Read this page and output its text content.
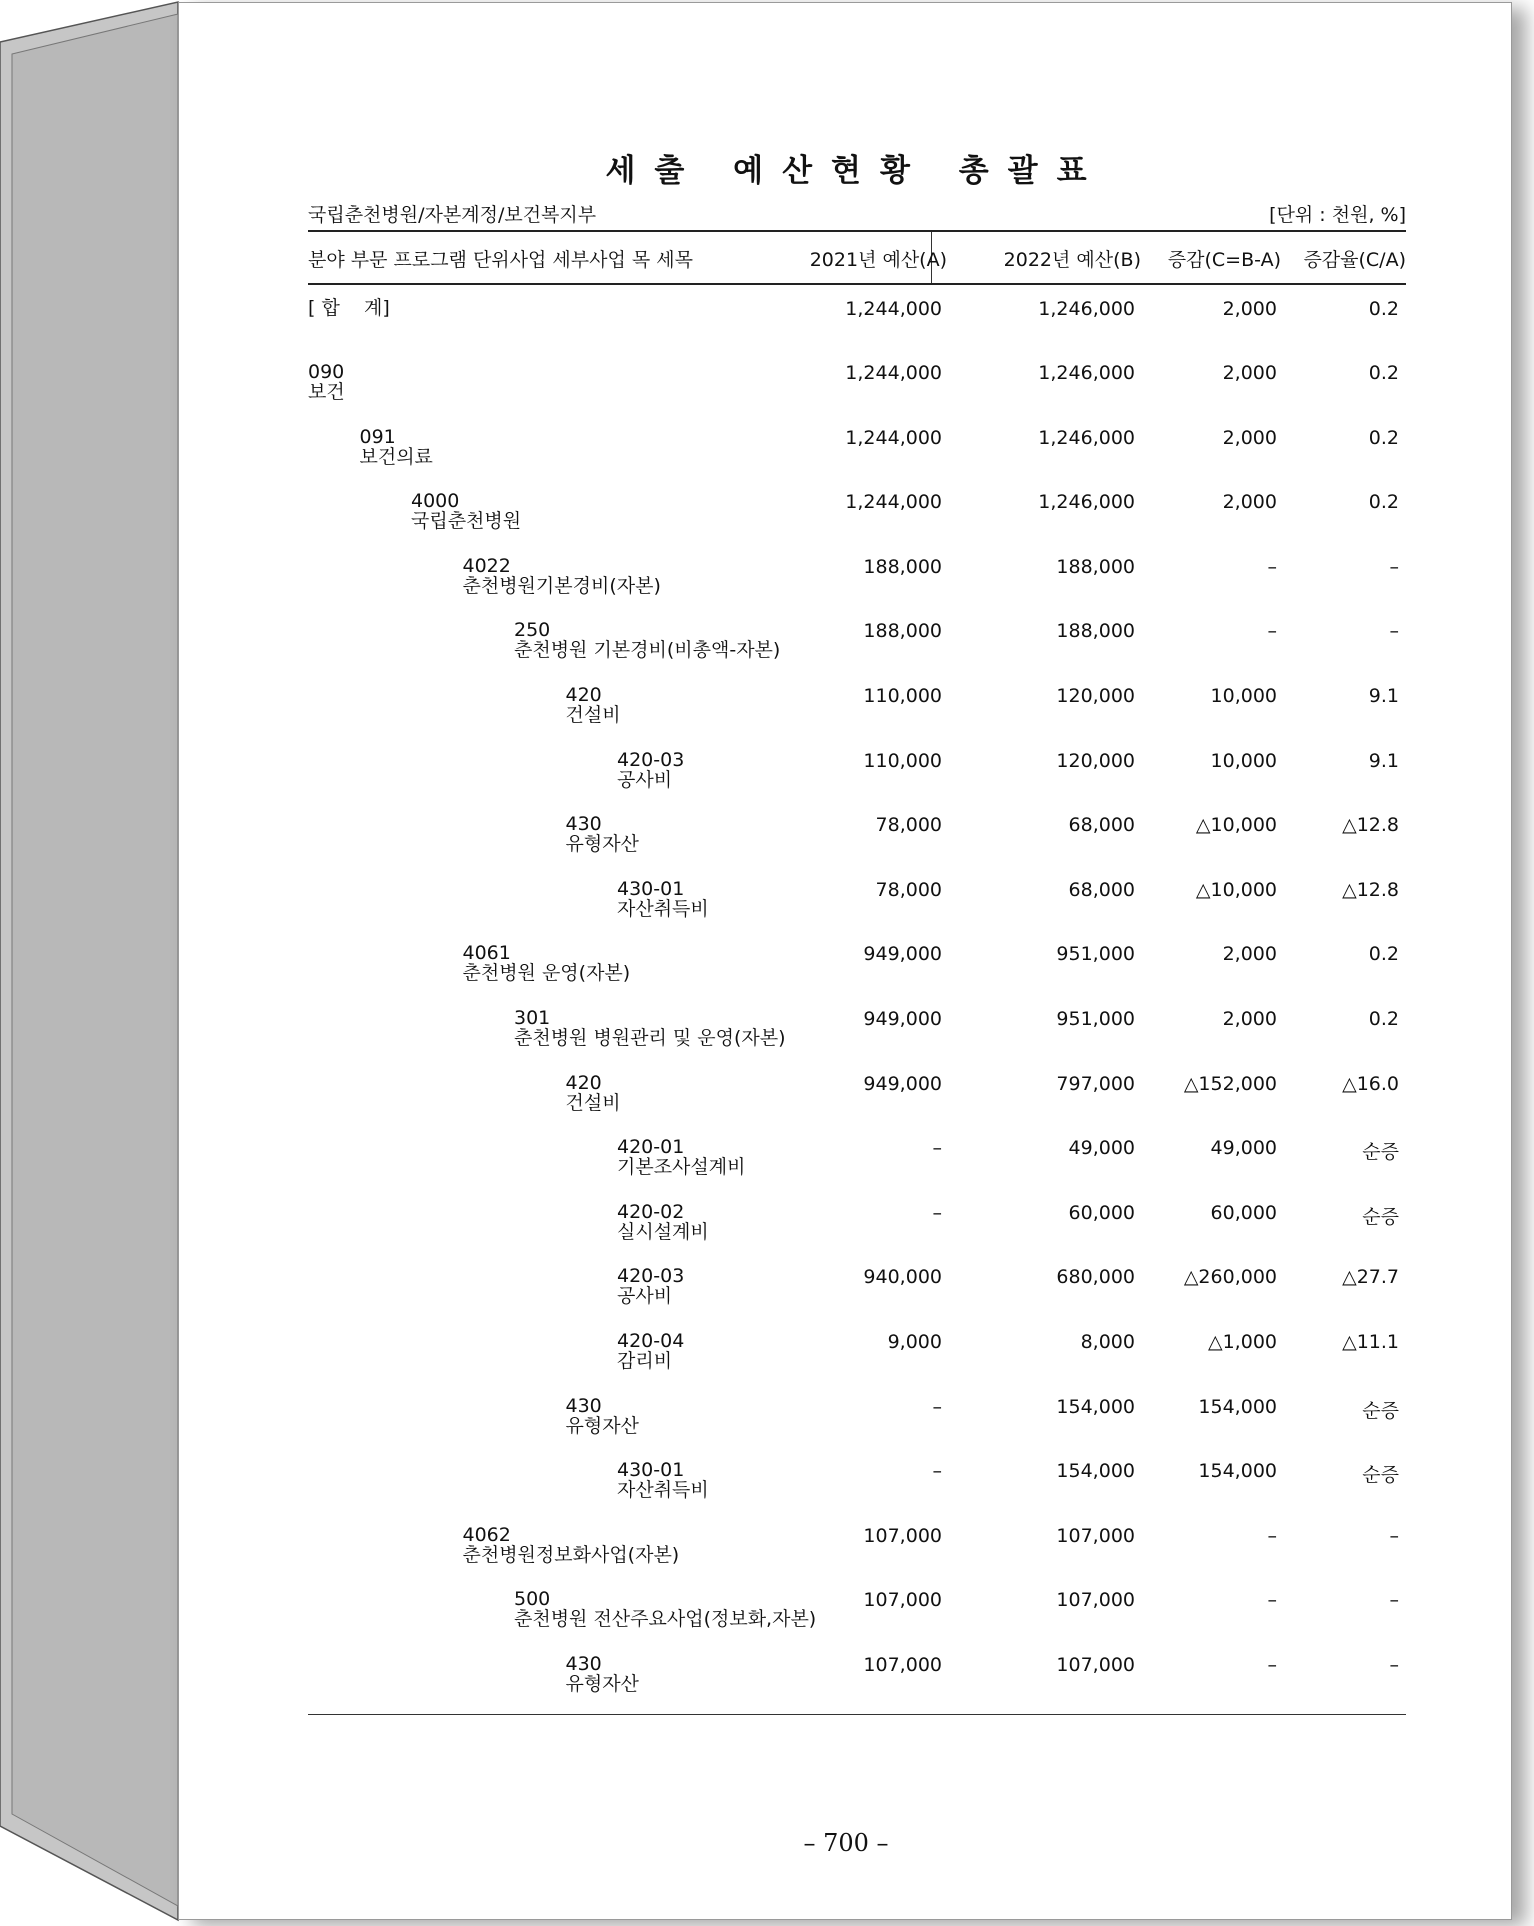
세출 예산현황 총괄표
국립춘천병원/자본계정/보건복지부	[단위 : 천원, %]
분야 부문 프로그램 단위사업 세부사업 목 세목	2021년 예산(A)	2022년 예산(B) 증감(C=B-A) 증감율(C/A)
[ 합    계]	1,244,000	1,246,000	2,000	0.2
090
보건
1,244,000	1,246,000	2,000	0.2
091
보건의료
1,244,000	1,246,000	2,000	0.2
4000
국립춘천병원
1,244,000	1,246,000	2,000	0.2
4022
춘천병원기본경비(자본)
188,000	188,000	–	–
250
춘천병원 기본경비(비총액-자본)
188,000	188,000	–	–
420
건설비
110,000	120,000	10,000	9.1
420-03
공사비
110,000	120,000	10,000	9.1
430
유형자산
78,000	68,000	△10,000	△12.8
430-01
자산취득비
78,000	68,000	△10,000	△12.8
4061
춘천병원 운영(자본)
949,000	951,000	2,000	0.2
301
춘천병원 병원관리 및 운영(자본)
949,000	951,000	2,000	0.2
420
건설비
949,000	797,000	△152,000	△16.0
420-01
기본조사설계비
–	49,000	49,000	순증
420-02
실시설계비
–	60,000	60,000	순증
420-03
공사비
940,000	680,000	△260,000	△27.7
420-04
감리비
9,000	8,000	△1,000	△11.1
430
유형자산
–	154,000	154,000	순증
430-01
자산취득비
–	154,000	154,000	순증
4062
춘천병원정보화사업(자본)
107,000	107,000	–	–
500
춘천병원 전산주요사업(정보화,자본)
107,000	107,000	–	–
430
유형자산
107,000	107,000	–	–
– 700 –
